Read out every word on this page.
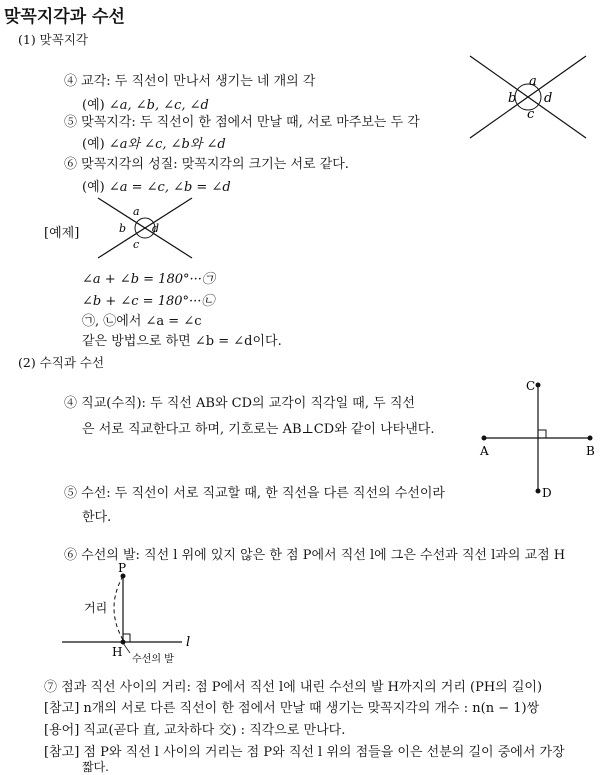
맞꼭지각과 수선
(1) 맞꼭지각
④ 교각: 두 직선이 만나서 생기는 네 개의 각
(예) ∠a, ∠b, ∠c, ∠d
⑤ 맞꼭지각: 두 직선이 한 점에서 만날 때, 서로 마주보는 두 각
(예) ∠a와 ∠c, ∠b와 ∠d
⑥ 맞꼭지각의 성질: 맞꼭지각의 크기는 서로 같다.
(예) ∠a = ∠c, ∠b = ∠d
a
b
c
d
[예제]
a
b
c
d
∠a + ∠b = 180°···㉠
∠b + ∠c = 180°···㉡
㉠, ㉡에서 ∠a = ∠c
같은 방법으로 하면 ∠b = ∠d이다.
(2) 수직과 수선
④ 직교(수직): 두 직선 AB와 CD의 교각이 직각일 때, 두 직선
은 서로 직교한다고 하며, 기호로는 AB⊥CD와 같이 나타낸다.
A	B
C
D
⑤ 수선: 두 직선이 서로 직교할 때, 한 직선을 다른 직선의 수선이라
한다.
⑥ 수선의 발: 직선 l 위에 있지 않은 한 점 P에서 직선 l에 그은 수선과 직선 l과의 교점 H
P
H
l
거리
수선의 발
⑦ 점과 직선 사이의 거리: 점 P에서 직선 l에 내린 수선의 발 H까지의 거리 (PH의 길이)
[참고] n개의 서로 다른 직선이 한 점에서 만날 때 생기는 맞꼭지각의 개수 : n(n − 1)쌍
[용어] 직교(곧다 直, 교차하다 交) : 직각으로 만나다.
[참고] 점 P와 직선 l 사이의 거리는 점 P와 직선 l 위의 점들을 이은 선분의 길이 중에서 가장
짧다.
